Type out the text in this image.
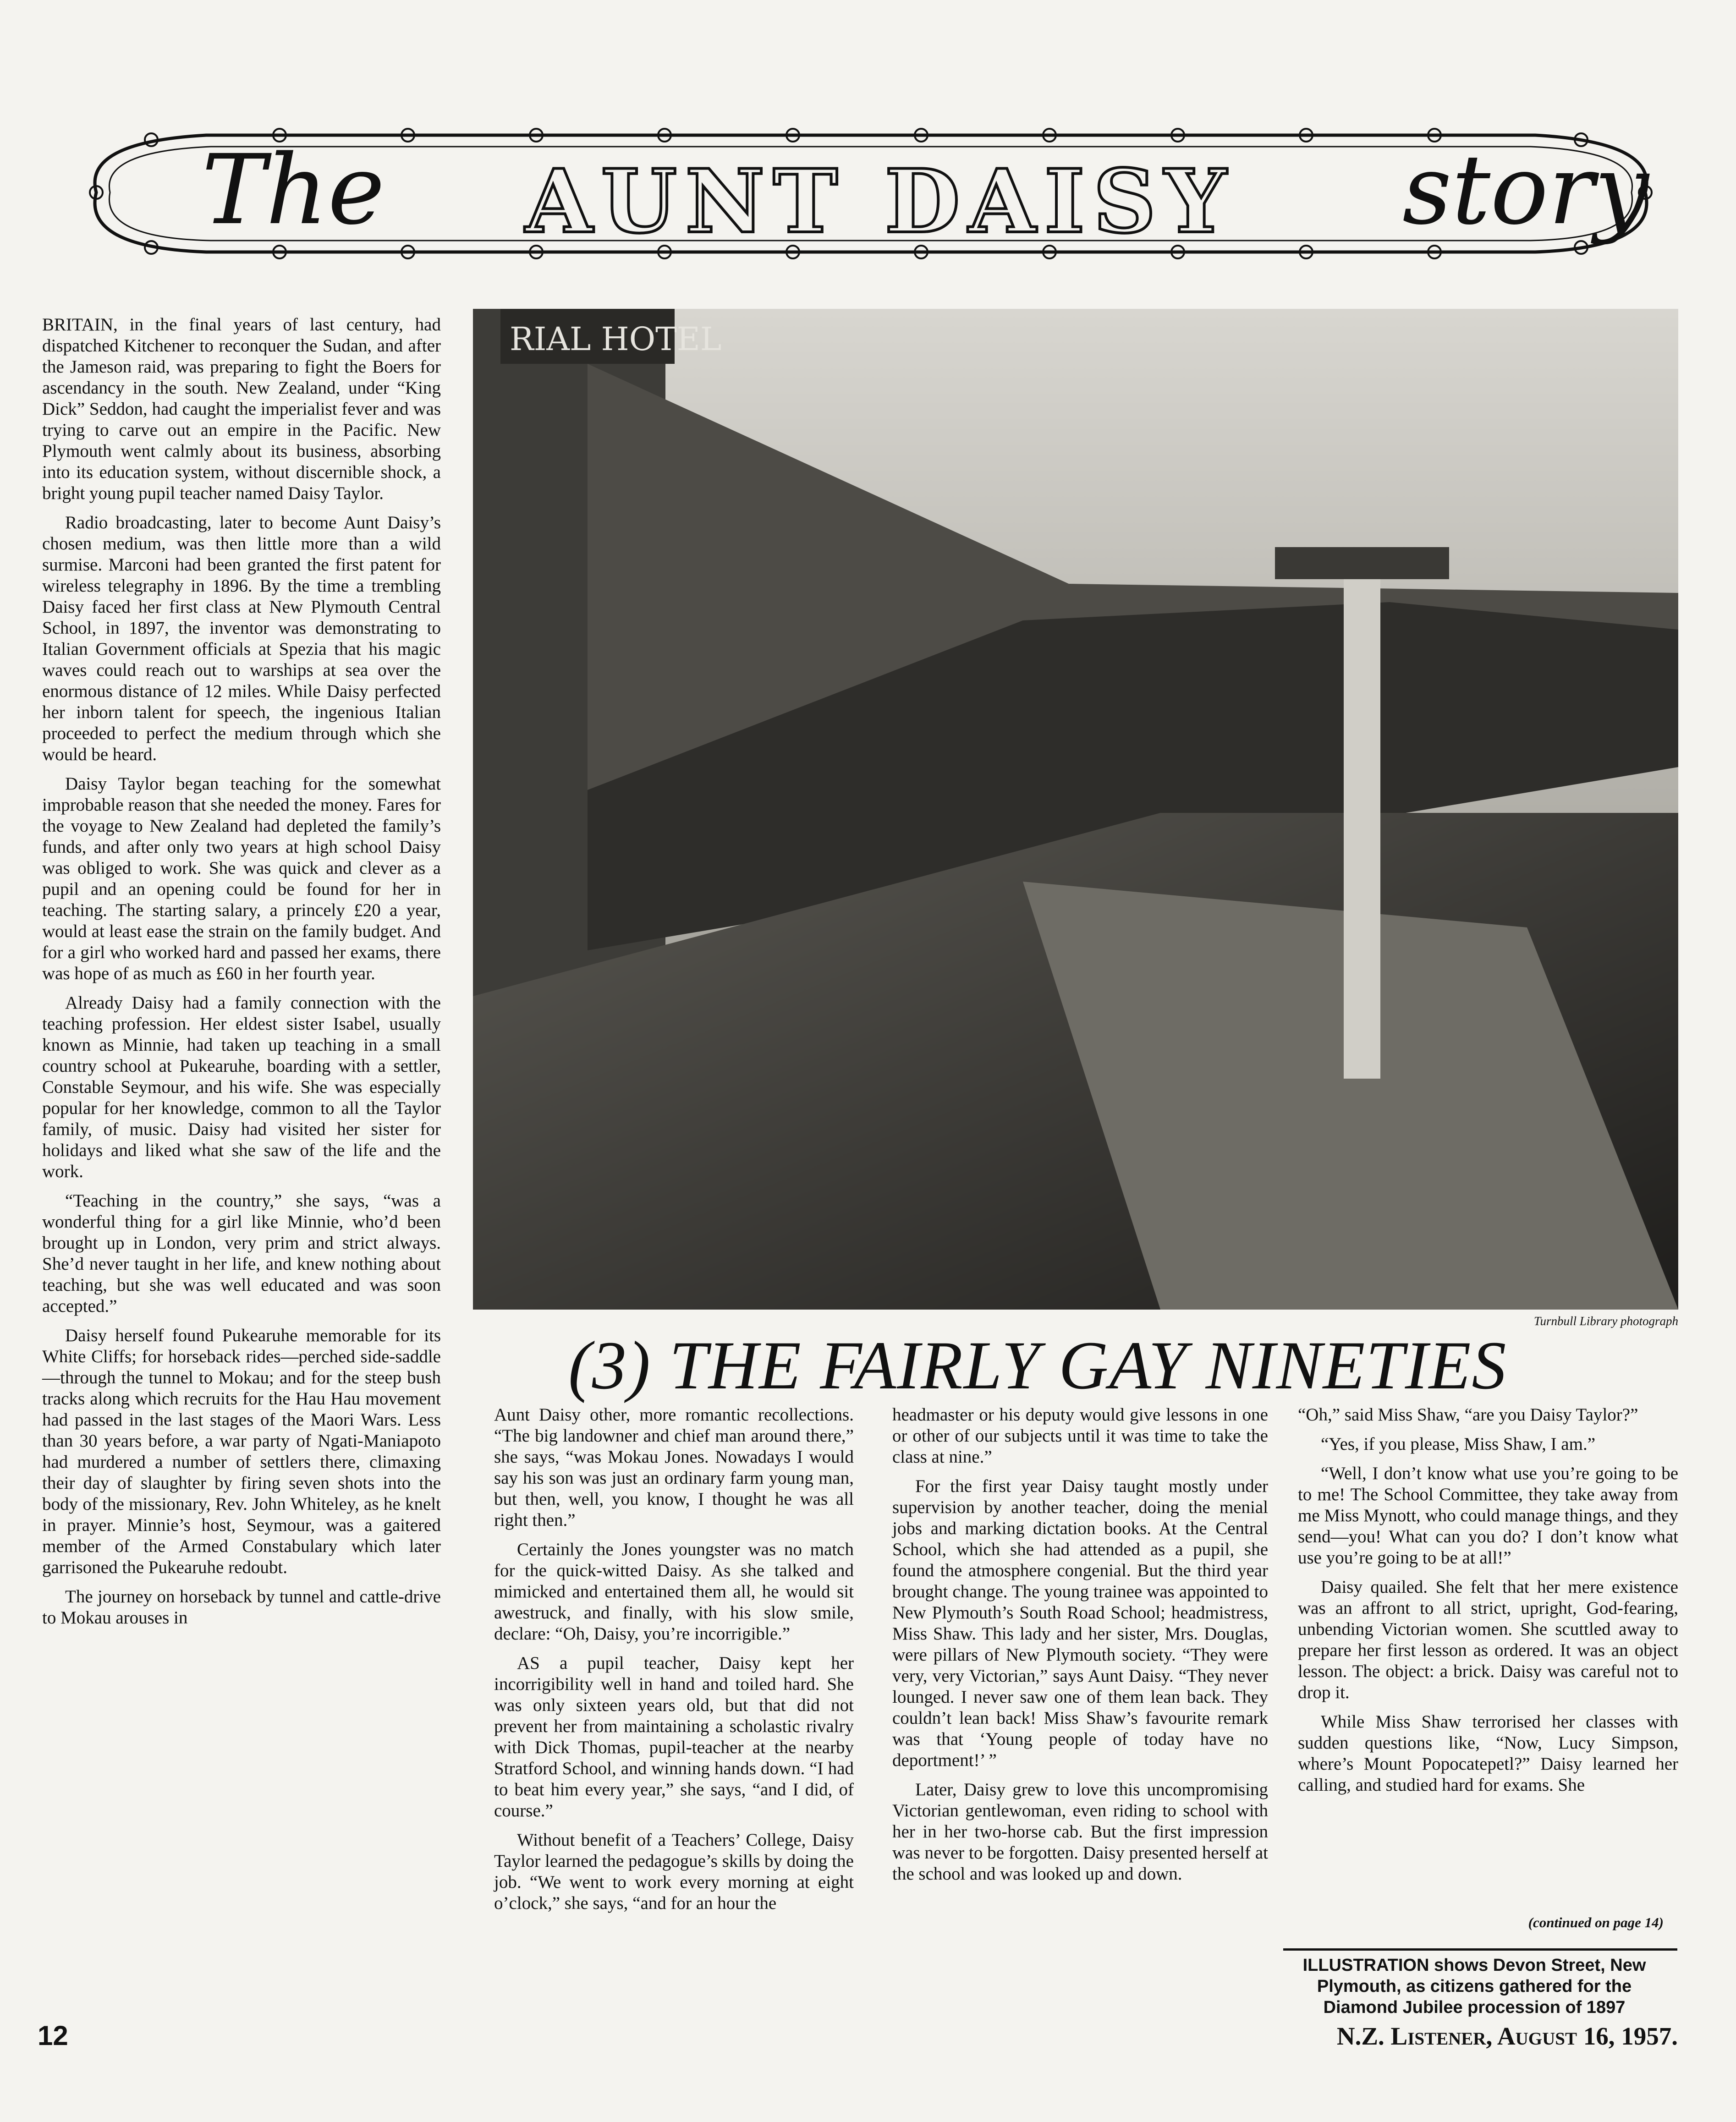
The	AUNT DAISY	story

BRITAIN, in the final years of last century, had dispatched Kitchener to reconquer the Sudan, and after the Jameson raid, was preparing to fight the Boers for ascendancy in the south. New Zealand, under “King Dick” Seddon, had caught the imperialist fever and was trying to carve out an empire in the Pacific. New Plymouth went calmly about its business, absorbing into its education system, without discernible shock, a bright young pupil teacher named Daisy Taylor.

Radio broadcasting, later to become Aunt Daisy’s chosen medium, was then little more than a wild surmise. Marconi had been granted the first patent for wireless telegraphy in 1896. By the time a trembling Daisy faced her first class at New Plymouth Central School, in 1897, the inventor was demonstrating to Italian Government officials at Spezia that his magic waves could reach out to warships at sea over the enormous distance of 12 miles. While Daisy perfected her inborn talent for speech, the ingenious Italian proceeded to perfect the medium through which she would be heard.

Daisy Taylor began teaching for the somewhat improbable reason that she needed the money. Fares for the voyage to New Zealand had depleted the family’s funds, and after only two years at high school Daisy was obliged to work. She was quick and clever as a pupil and an opening could be found for her in teaching. The starting salary, a princely £20 a year, would at least ease the strain on the family budget. And for a girl who worked hard and passed her exams, there was hope of as much as £60 in her fourth year.

Already Daisy had a family connection with the teaching profession. Her eldest sister Isabel, usually known as Minnie, had taken up teaching in a small country school at Pukearuhe, boarding with a settler, Constable Seymour, and his wife. She was especially popular for her knowledge, common to all the Taylor family, of music. Daisy had visited her sister for holidays and liked what she saw of the life and the work.

“Teaching in the country,” she says, “was a wonderful thing for a girl like Minnie, who’d been brought up in London, very prim and strict always. She’d never taught in her life, and knew nothing about teaching, but she was well educated and was soon accepted.”

Daisy herself found Pukearuhe memorable for its White Cliffs; for horseback rides—perched side-saddle—through the tunnel to Mokau; and for the steep bush tracks along which recruits for the Hau Hau movement had passed in the last stages of the Maori Wars. Less than 30 years before, a war party of Ngati-Maniapoto had murdered a number of settlers there, climaxing their day of slaughter by firing seven shots into the body of the missionary, Rev. John Whiteley, as he knelt in prayer. Minnie’s host, Seymour, was a gaitered member of the Armed Constabulary which later garrisoned the Pukearuhe redoubt.

The journey on horseback by tunnel and cattle-drive to Mokau arouses in

RIAL HOTEL
Turnbull Library photograph
(3) THE FAIRLY GAY NINETIES

Aunt Daisy other, more romantic recollections. “The big landowner and chief man around there,” she says, “was Mokau Jones. Nowadays I would say his son was just an ordinary farm young man, but then, well, you know, I thought he was all right then.”

Certainly the Jones youngster was no match for the quick-witted Daisy. As she talked and mimicked and entertained them all, he would sit awestruck, and finally, with his slow smile, declare: “Oh, Daisy, you’re incorrigible.”

AS a pupil teacher, Daisy kept her incorrigibility well in hand and toiled hard. She was only sixteen years old, but that did not prevent her from maintaining a scholastic rivalry with Dick Thomas, pupil-teacher at the nearby Stratford School, and winning hands down. “I had to beat him every year,” she says, “and I did, of course.”

Without benefit of a Teachers’ College, Daisy Taylor learned the pedagogue’s skills by doing the job. “We went to work every morning at eight o’clock,” she says, “and for an hour the

headmaster or his deputy would give lessons in one or other of our subjects until it was time to take the class at nine.”

For the first year Daisy taught mostly under supervision by another teacher, doing the menial jobs and marking dictation books. At the Central School, which she had attended as a pupil, she found the atmosphere congenial. But the third year brought change. The young trainee was appointed to New Plymouth’s South Road School; headmistress, Miss Shaw. This lady and her sister, Mrs. Douglas, were pillars of New Plymouth society. “They were very, very Victorian,” says Aunt Daisy. “They never lounged. I never saw one of them lean back. They couldn’t lean back! Miss Shaw’s favourite remark was that ‘Young people of today have no deportment!’ ”

Later, Daisy grew to love this uncompromising Victorian gentlewoman, even riding to school with her in her two-horse cab. But the first impression was never to be forgotten. Daisy presented herself at the school and was looked up and down.

“Oh,” said Miss Shaw, “are you Daisy Taylor?”

“Yes, if you please, Miss Shaw, I am.”

“Well, I don’t know what use you’re going to be to me! The School Committee, they take away from me Miss Mynott, who could manage things, and they send—you! What can you do? I don’t know what use you’re going to be at all!”

Daisy quailed. She felt that her mere existence was an affront to all strict, upright, God-fearing, unbending Victorian women. She scuttled away to prepare her first lesson as ordered. It was an object lesson. The object: a brick. Daisy was careful not to drop it.

While Miss Shaw terrorised her classes with sudden questions like, “Now, Lucy Simpson, where’s Mount Popocatepetl?” Daisy learned her calling, and studied hard for exams. She

(continued on page 14)
ILLUSTRATION shows Devon Street, New Plymouth, as citizens gathered for the Diamond Jubilee procession of 1897
12	N.Z. Listener, August 16, 1957.
